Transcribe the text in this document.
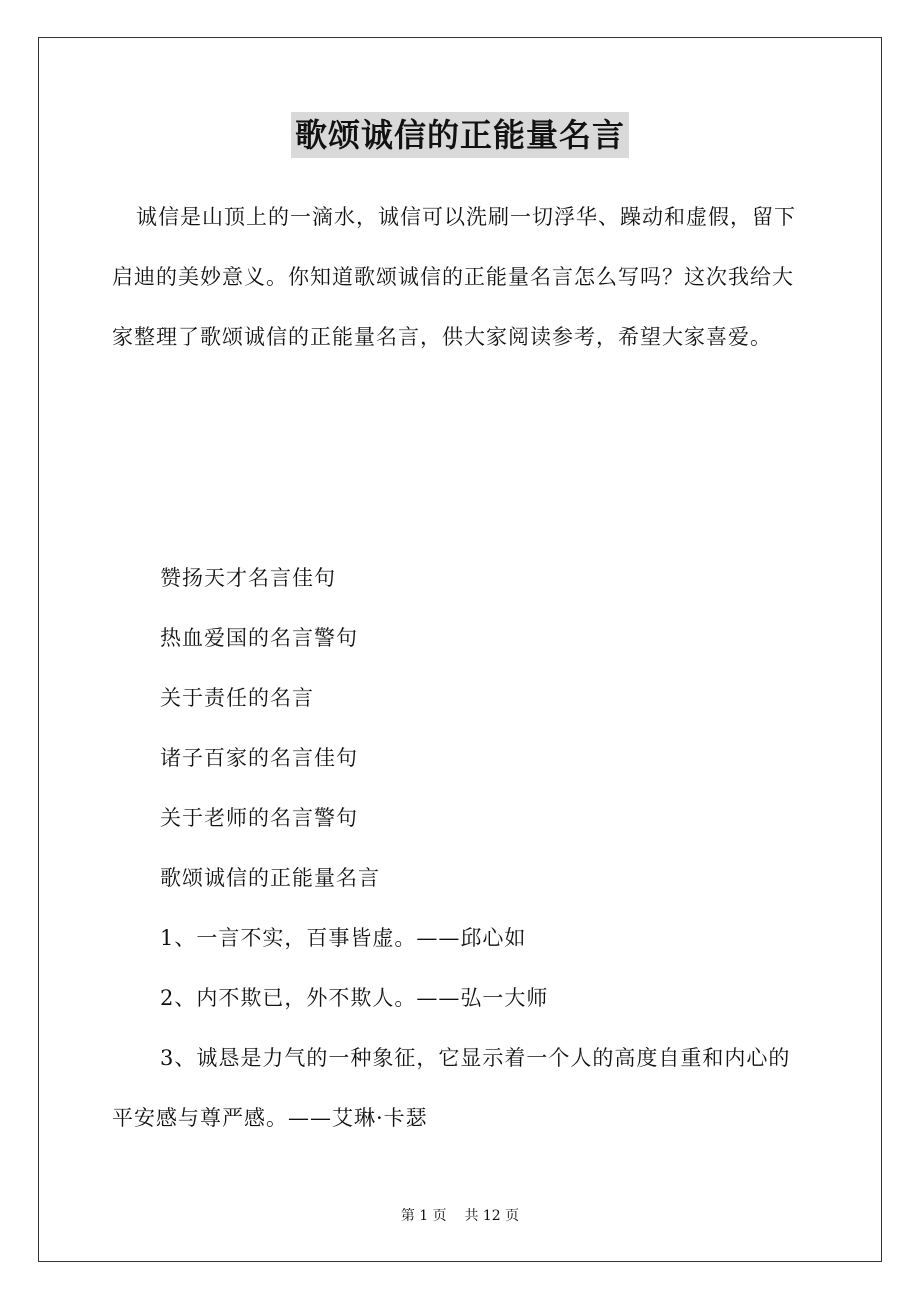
歌颂诚信的正能量名言

诚信是山顶上的一滴水，诚信可以洗刷一切浮华、躁动和虚假，留下启迪的美妙意义。你知道歌颂诚信的正能量名言怎么写吗？这次我给大家整理了歌颂诚信的正能量名言，供大家阅读参考，希望大家喜爱。

赞扬天才名言佳句
热血爱国的名言警句
关于责任的名言
诸子百家的名言佳句
关于老师的名言警句
歌颂诚信的正能量名言
1、一言不实，百事皆虚。——邱心如
2、内不欺已，外不欺人。——弘一大师
3、诚恳是力气的一种象征，它显示着一个人的高度自重和内心的平安感与尊严感。——艾琳·卡瑟
第 1 页 共 12 页
